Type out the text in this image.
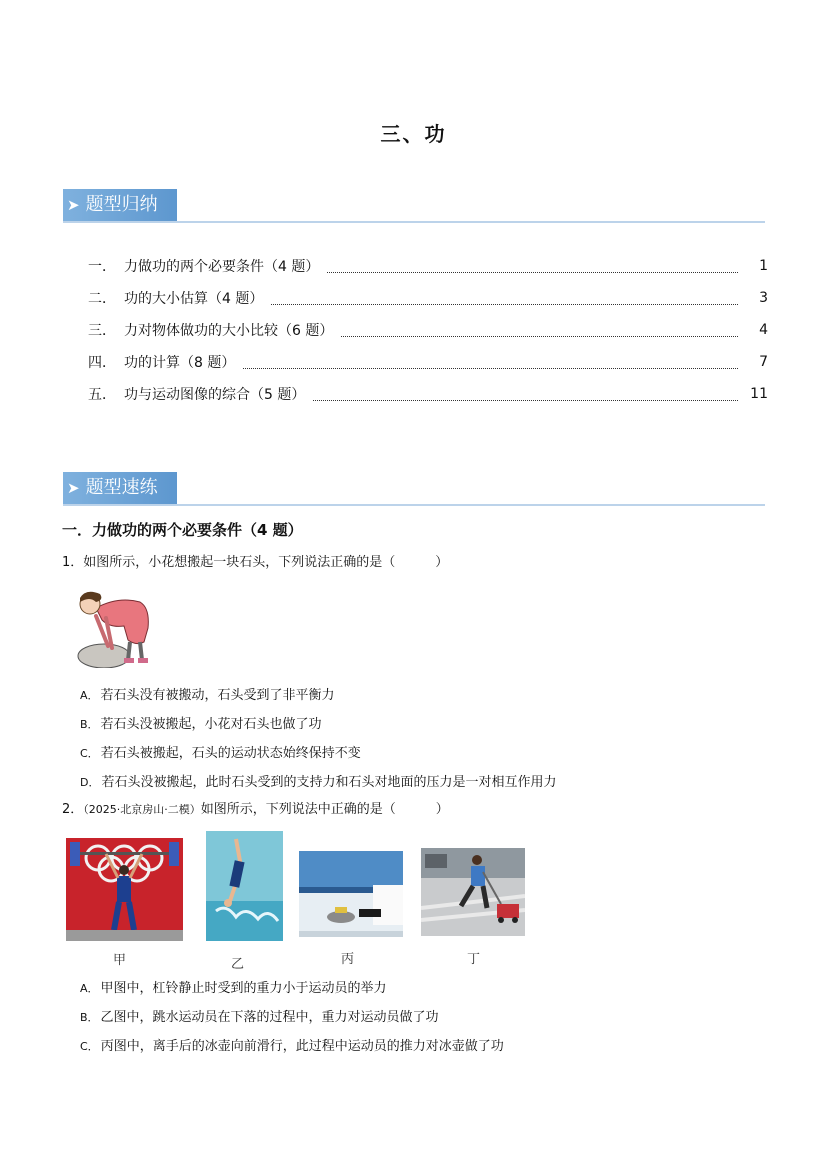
三、功
➤ 题型归纳
一． 力做功的两个必要条件（4 题）	1
二． 功的大小估算（4 题）	3
三． 力对物体做功的大小比较（6 题）	4
四． 功的计算（8 题）	7
五． 功与运动图像的综合（5 题）	11
➤ 题型速练
一．力做功的两个必要条件（4 题）
1．如图所示，小花想搬起一块石头，下列说法正确的是（	）
A． 若石头没有被搬动，石头受到了非平衡力
B． 若石头没被搬起，小花对石头也做了功
C． 若石头被搬起，石头的运动状态始终保持不变
D． 若石头没被搬起，此时石头受到的支持力和石头对地面的压力是一对相互作用力
2．（2025·北京房山·二模）如图所示，下列说法中正确的是（	）
甲	乙	丙	丁
A． 甲图中，杠铃静止时受到的重力小于运动员的举力
B． 乙图中，跳水运动员在下落的过程中，重力对运动员做了功
C． 丙图中，离手后的冰壶向前滑行，此过程中运动员的推力对冰壶做了功
